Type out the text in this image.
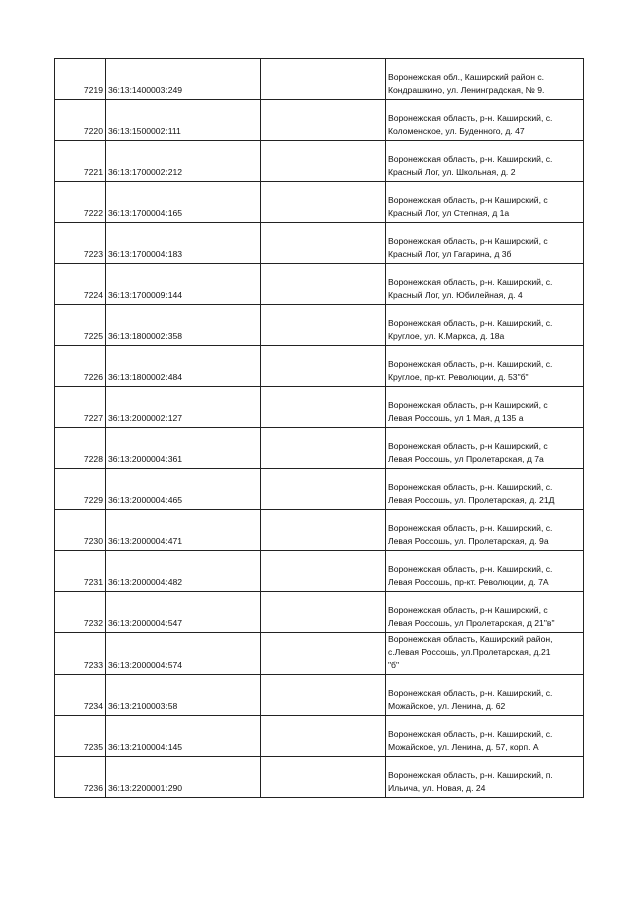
7219	36:13:1400003:249		Воронежская обл., Каширский район с.
Кондрашкино, ул. Ленинградская, № 9.

7220	36:13:1500002:111		Воронежская область, р-н. Каширский, с.
Коломенское, ул. Буденного, д. 47

7221	36:13:1700002:212		Воронежская область, р-н. Каширский, с.
Красный Лог, ул. Школьная, д. 2

7222	36:13:1700004:165		Воронежская область, р-н Каширский, с
Красный Лог, ул Степная, д 1а

7223	36:13:1700004:183		Воронежская область, р-н Каширский, с
Красный Лог, ул Гагарина, д 3б

7224	36:13:1700009:144		Воронежская область, р-н. Каширский, с.
Красный Лог, ул. Юбилейная, д. 4

7225	36:13:1800002:358		Воронежская область, р-н. Каширский, с.
Круглое, ул. К.Маркса, д. 18а

7226	36:13:1800002:484		Воронежская область, р-н. Каширский, с.
Круглое, пр-кт. Революции, д. 53"б"

7227	36:13:2000002:127		Воронежская область, р-н Каширский, с
Левая Россошь, ул 1 Мая, д 135 а

7228	36:13:2000004:361		Воронежская область, р-н Каширский, с
Левая Россошь, ул Пролетарская, д 7а

7229	36:13:2000004:465		Воронежская область, р-н. Каширский, с.
Левая Россошь, ул. Пролетарская, д. 21Д

7230	36:13:2000004:471		Воронежская область, р-н. Каширский, с.
Левая Россошь, ул. Пролетарская, д. 9а

7231	36:13:2000004:482		Воронежская область, р-н. Каширский, с.
Левая Россошь, пр-кт. Революции, д. 7А

7232	36:13:2000004:547		Воронежская область, р-н Каширский, с
Левая Россошь, ул Пролетарская, д 21"в"

7233	36:13:2000004:574		Воронежская область, Каширский район,
с.Левая Россошь, ул.Пролетарская, д.21
"б"

7234	36:13:2100003:58		Воронежская область, р-н. Каширский, с.
Можайское, ул. Ленина, д. 62

7235	36:13:2100004:145		Воронежская область, р-н. Каширский, с.
Можайское, ул. Ленина, д. 57, корп. А

7236	36:13:2200001:290		Воронежская область, р-н. Каширский, п.
Ильича, ул. Новая, д. 24
